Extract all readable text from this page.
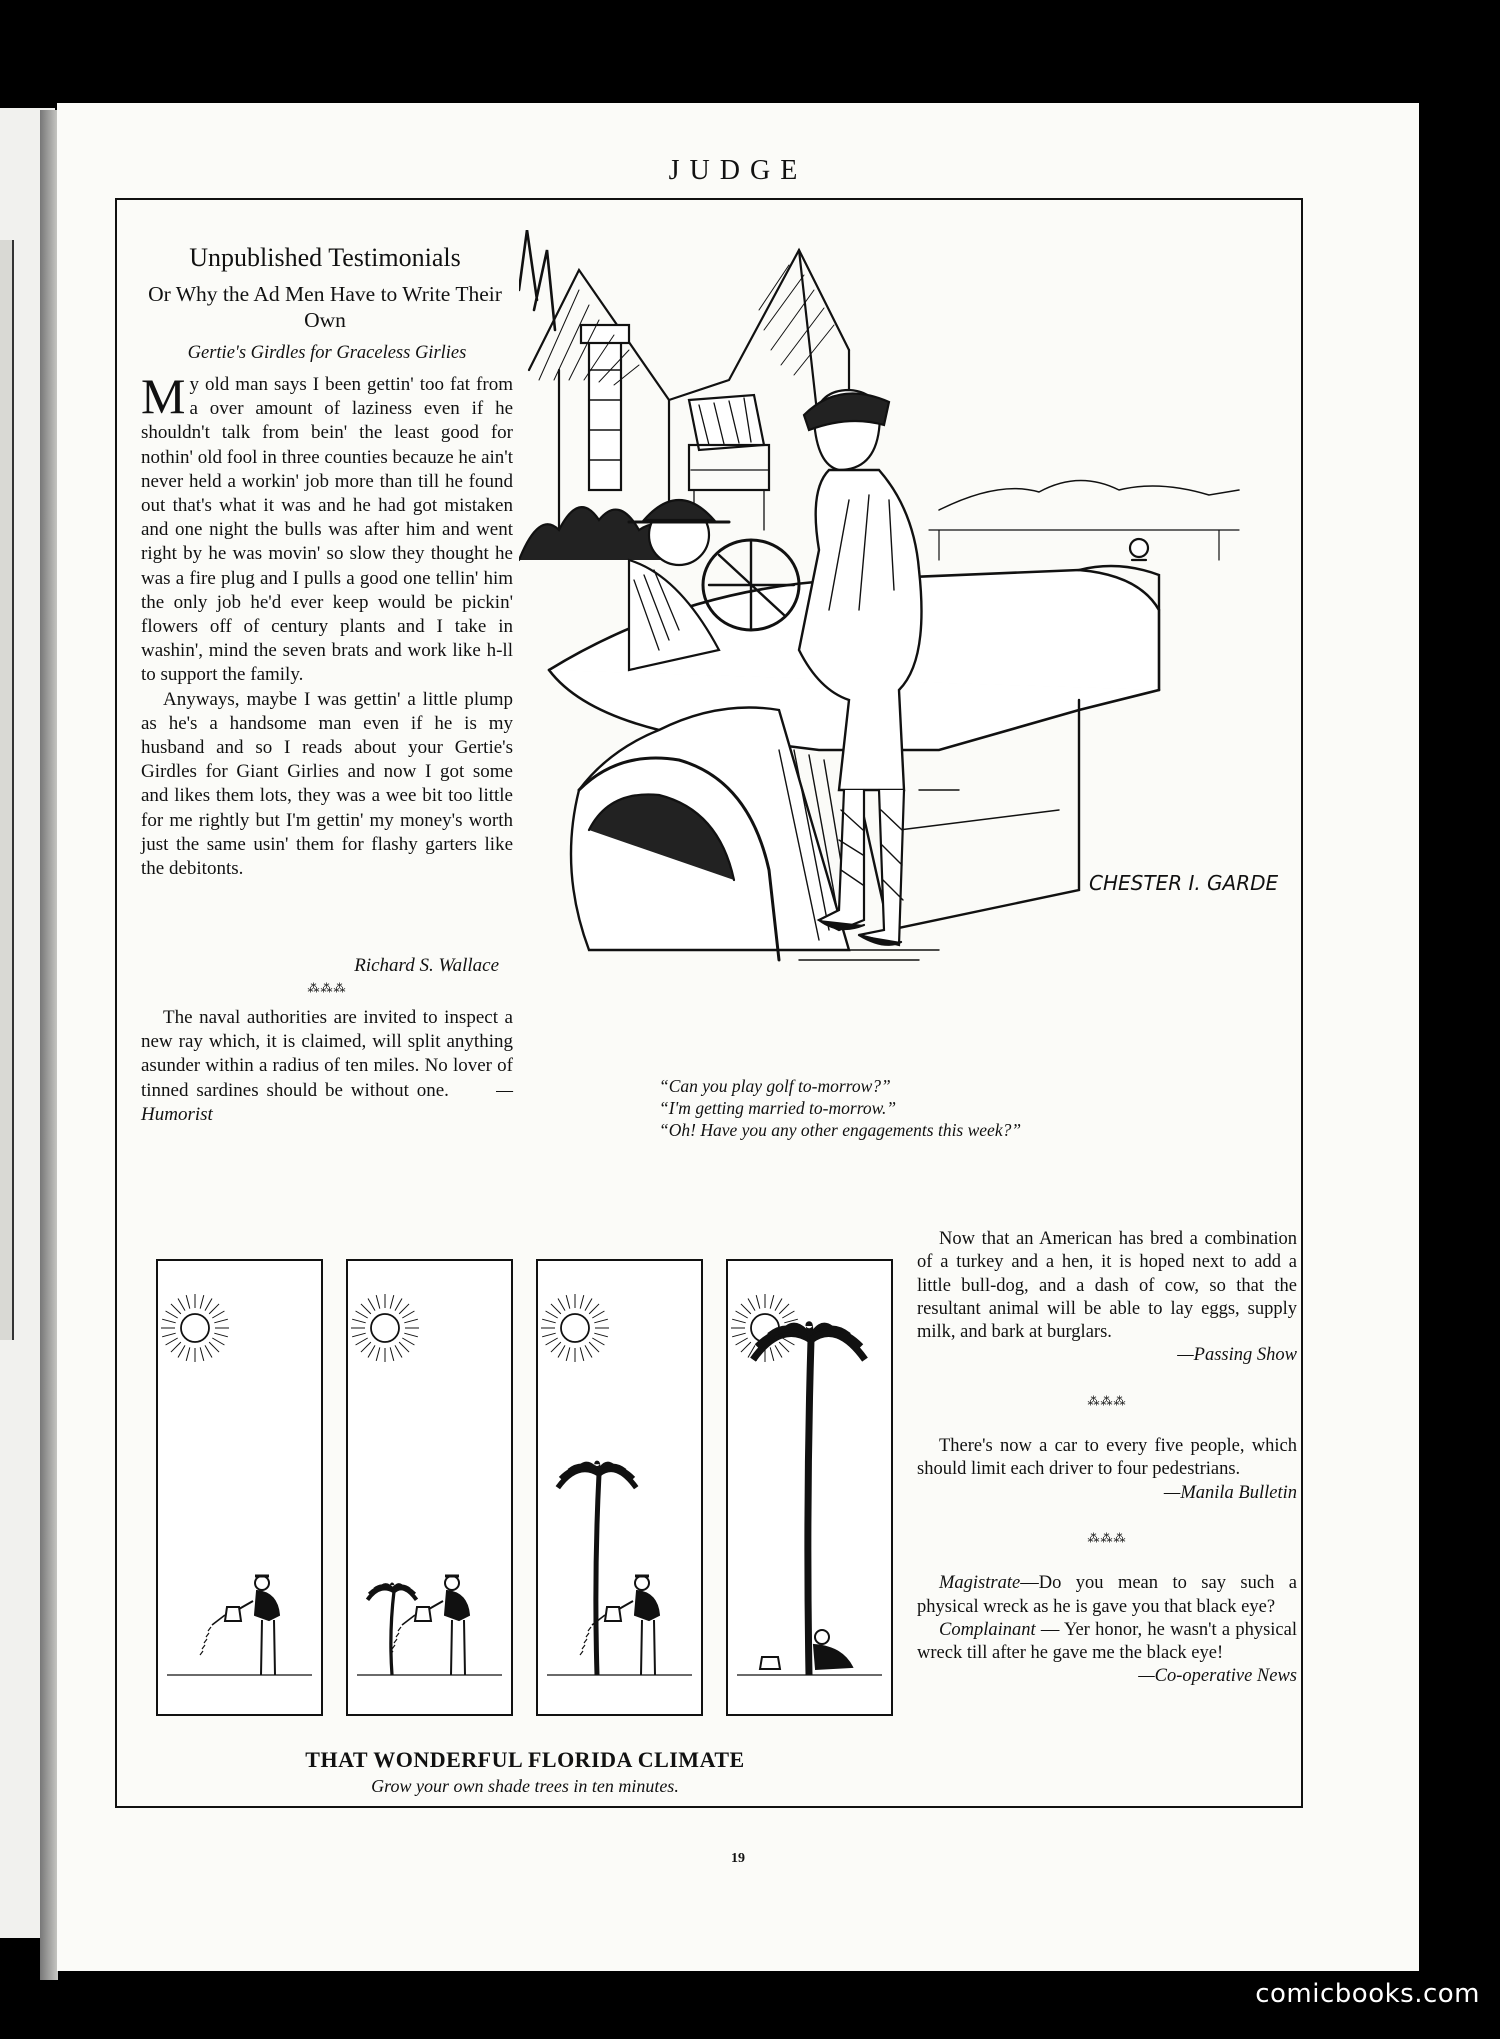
JUDGE
Unpublished Testimonials
Or Why the Ad Men Have to Write Their Own
Gertie's Girdles for Graceless Girlies

My old man says I been gettin' too fat from a over amount of laziness even if he shouldn't talk from bein' the least good for nothin' old fool in three counties becauze he ain't never held a workin' job more than till he found out that's what it was and he had got mistaken and one night the bulls was after him and went right by he was movin' so slow they thought he was a fire plug and I pulls a good one tellin' him the only job he'd ever keep would be pickin' flowers off of century plants and I take in washin', mind the seven brats and work like h-ll to support the family.

Anyways, maybe I was gettin' a little plump as he's a handsome man even if he is my husband and so I reads about your Gertie's Girdles for Giant Girlies and now I got some and likes them lots, they was a wee bit too little for me rightly but I'm gettin' my money's worth just the same usin' them for flashy garters like the debitonts.

Richard S. Wallace
⁂⁂⁂

The naval authorities are invited to inspect a new ray which, it is claimed, will split anything asunder within a radius of ten miles. No lover of tinned sardines should be without one. —Humorist

CHESTER I. GARDE
“Can you play golf to-morrow?”
“I'm getting married to-morrow.”
“Oh! Have you any other engagements this week?”
THAT WONDERFUL FLORIDA CLIMATE
Grow your own shade trees in ten minutes.

Now that an American has bred a combination of a turkey and a hen, it is hoped next to add a little bull-dog, and a dash of cow, so that the resultant animal will be able to lay eggs, supply milk, and bark at burglars.

—Passing Show

⁂⁂⁂

There's now a car to every five people, which should limit each driver to four pedestrians.

—Manila Bulletin

⁂⁂⁂

Magistrate—Do you mean to say such a physical wreck as he is gave you that black eye?

Complainant — Yer honor, he wasn't a physical wreck till after he gave me the black eye!

—Co-operative News

19
comicbooks.com
